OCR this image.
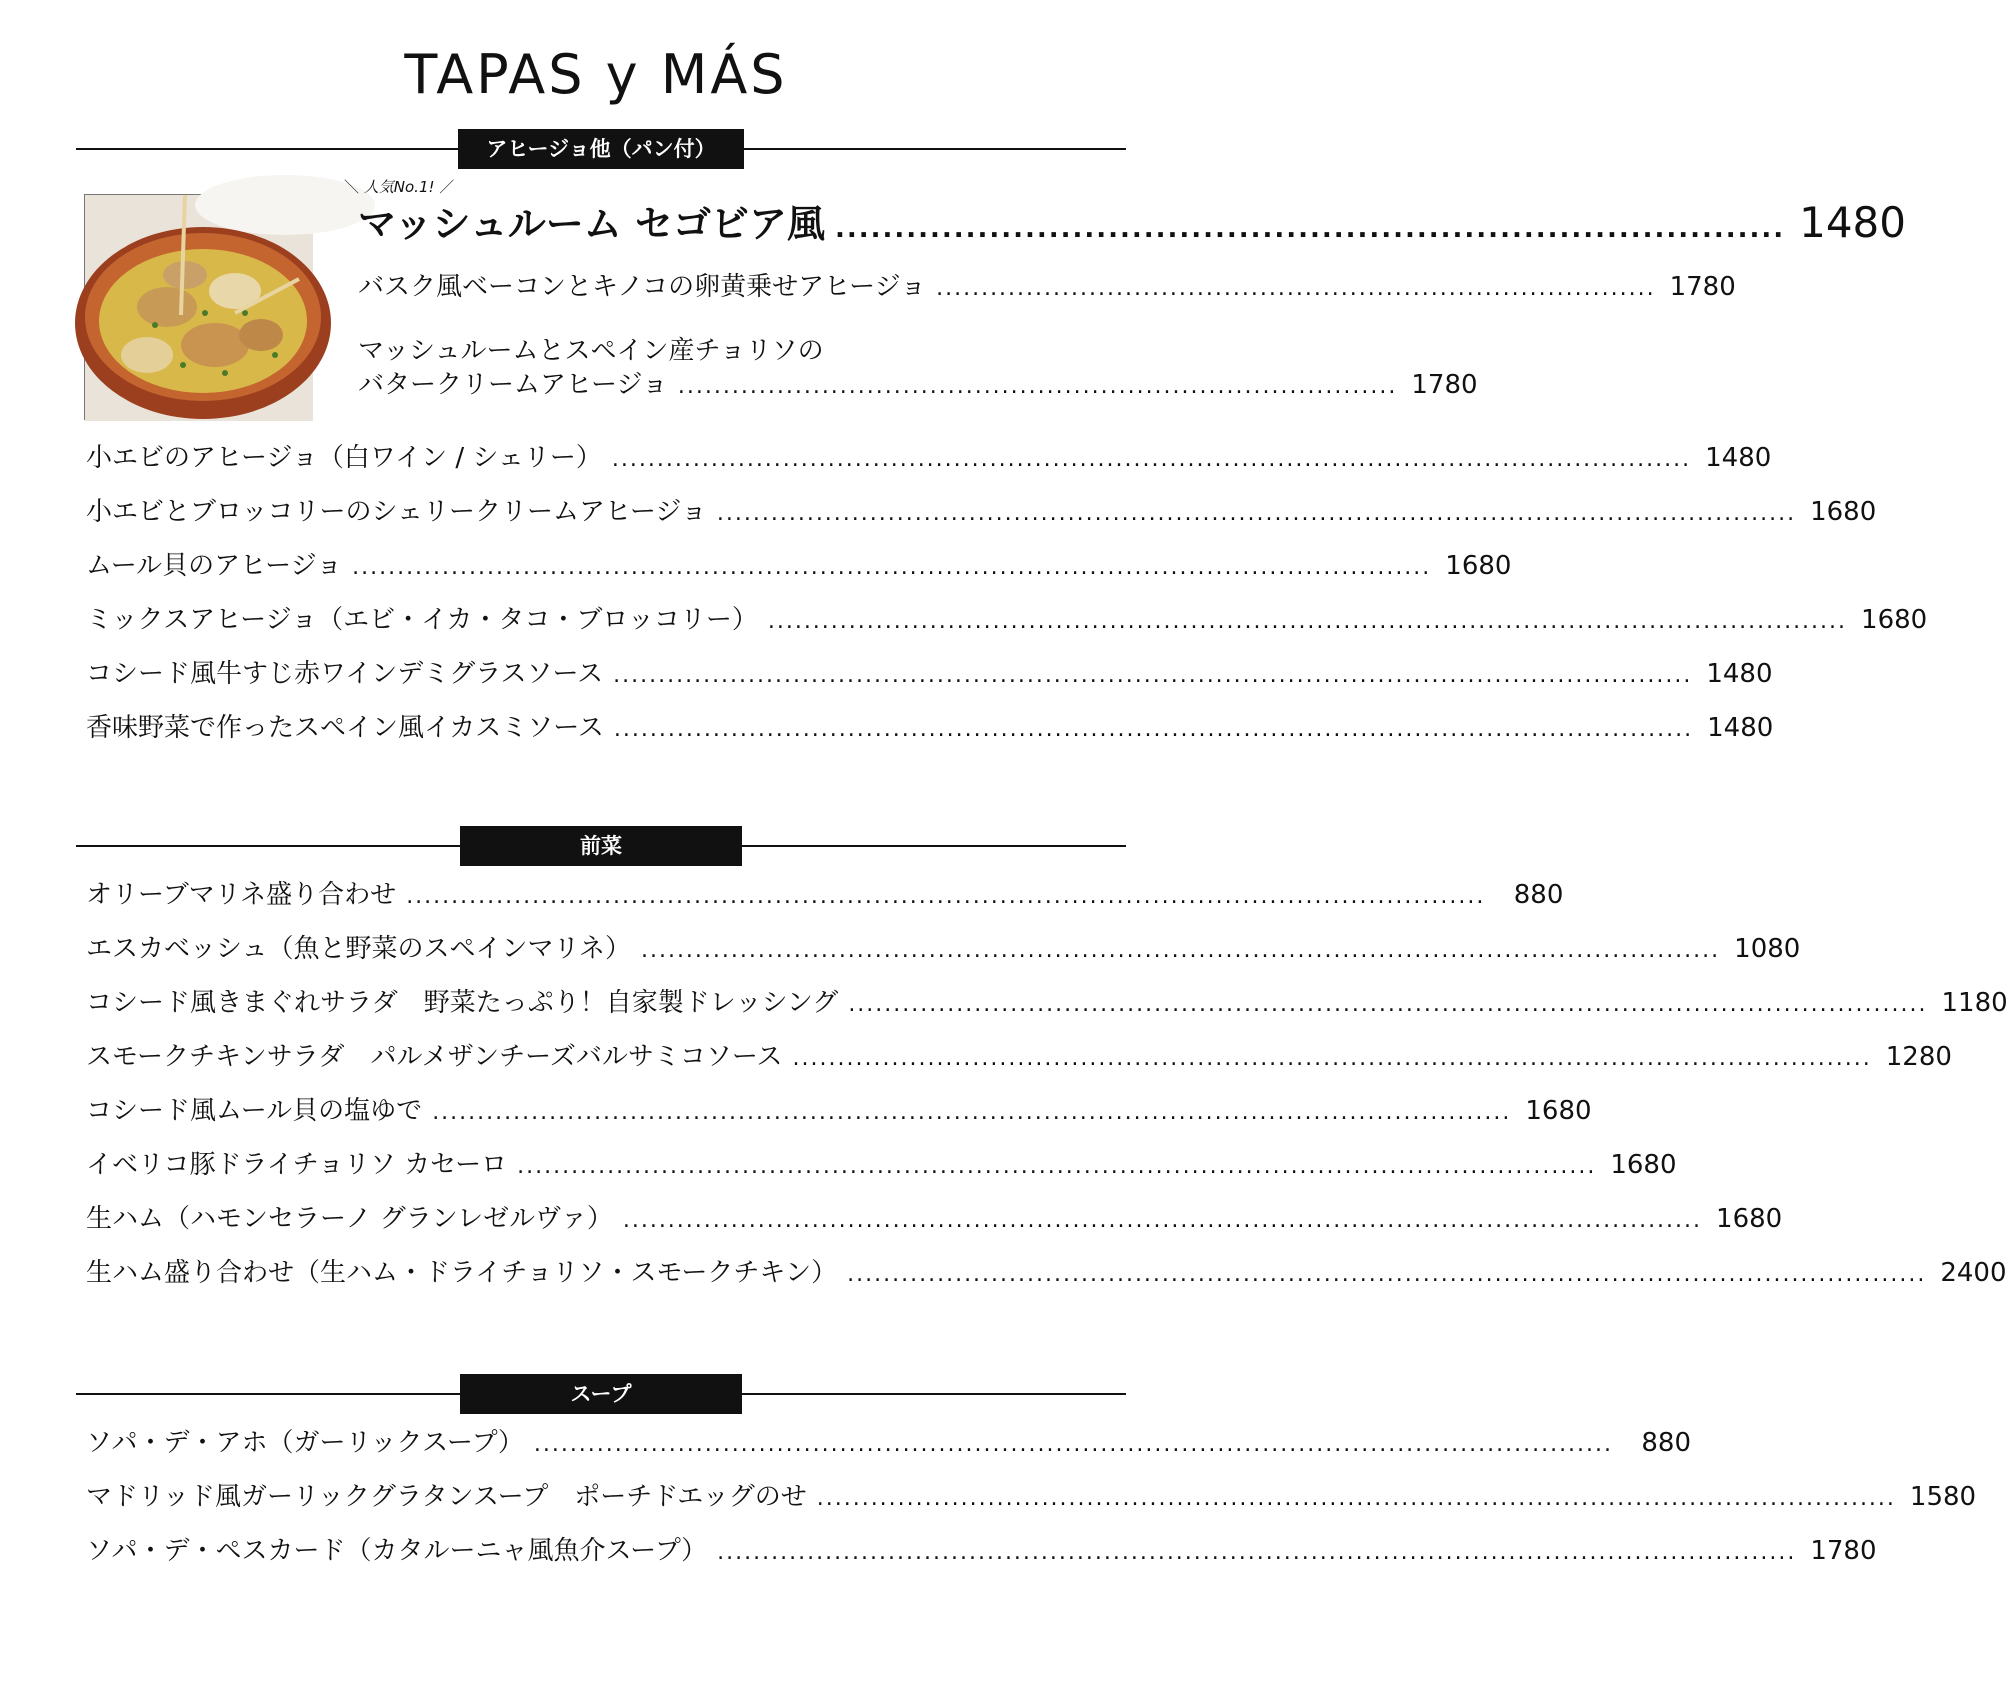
TAPAS y MÁS
アヒージョ他（パン付）
＼ 人気No.1! ／
マッシュルーム セゴビア風 ................................................................................ 1480
バスク風ベーコンとキノコの卵黄乗せアヒージョ ................................................................................ 1780
マッシュルームとスペイン産チョリソの
バタークリームアヒージョ ................................................................................ 1780
小エビのアヒージョ（白ワイン / シェリー） ........................................................................................................................ 1480
小エビとブロッコリーのシェリークリームアヒージョ ........................................................................................................................ 1680
ムール貝のアヒージョ ........................................................................................................................ 1680
ミックスアヒージョ（エビ・イカ・タコ・ブロッコリー） ........................................................................................................................ 1680
コシード風牛すじ赤ワインデミグラスソース ........................................................................................................................ 1480
香味野菜で作ったスペイン風イカスミソース ........................................................................................................................ 1480
前菜
オリーブマリネ盛り合わせ ........................................................................................................................	880
エスカベッシュ（魚と野菜のスペインマリネ） ........................................................................................................................ 1080
コシード風きまぐれサラダ　野菜たっぷり！自家製ドレッシング ........................................................................................................................ 1180
スモークチキンサラダ　パルメザンチーズバルサミコソース ........................................................................................................................ 1280
コシード風ムール貝の塩ゆで ........................................................................................................................ 1680
イベリコ豚ドライチョリソ カセーロ ........................................................................................................................ 1680
生ハム（ハモンセラーノ グランレゼルヴァ） ........................................................................................................................ 1680
生ハム盛り合わせ（生ハム・ドライチョリソ・スモークチキン） ........................................................................................................................ 2400
スープ
ソパ・デ・アホ（ガーリックスープ） ........................................................................................................................	880
マドリッド風ガーリックグラタンスープ　ポーチドエッグのせ ........................................................................................................................ 1580
ソパ・デ・ペスカード（カタルーニャ風魚介スープ） ........................................................................................................................ 1780
